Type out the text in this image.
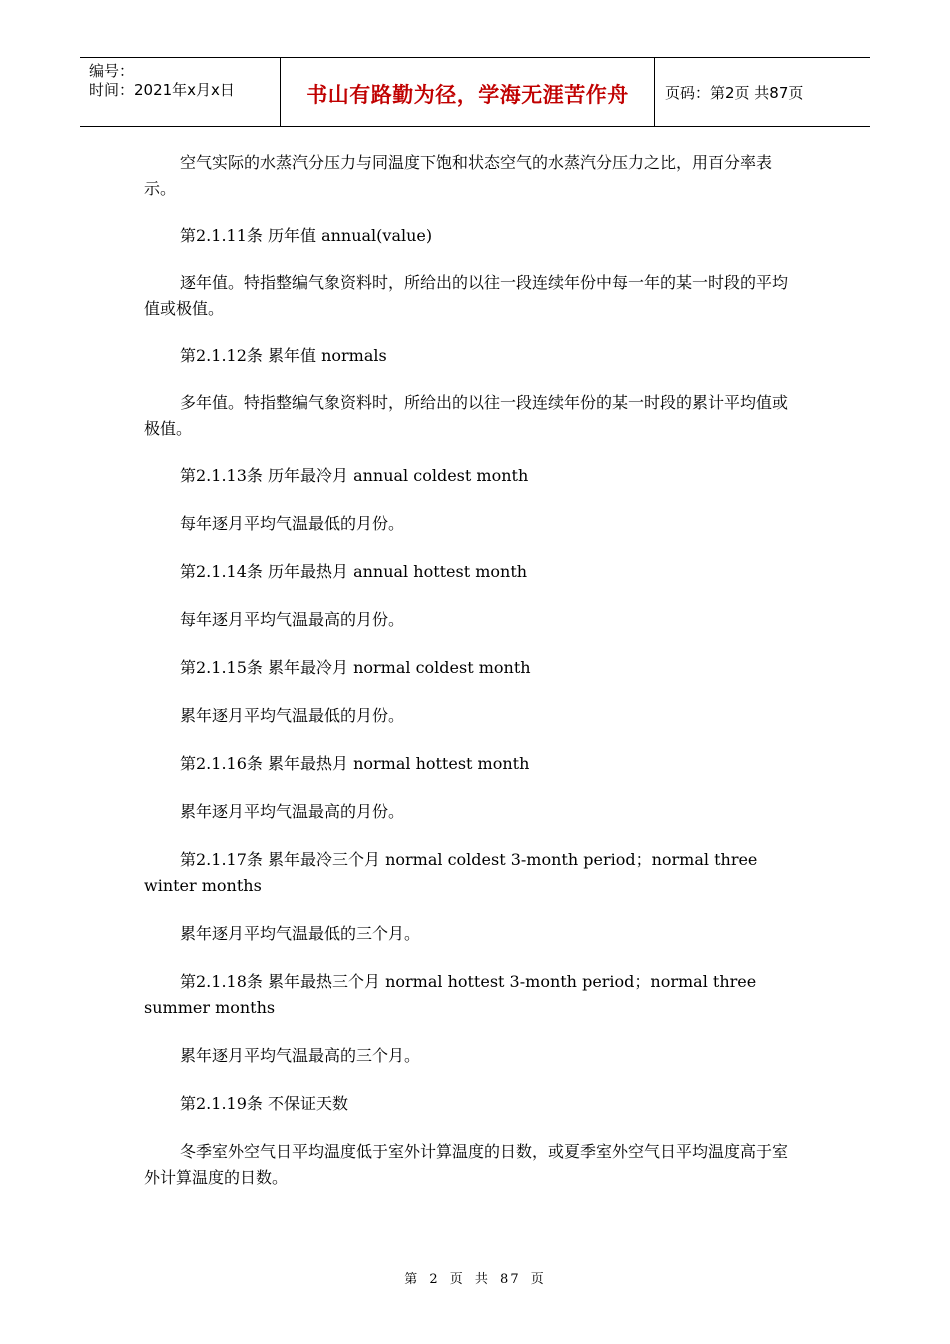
编号：
时间：2021年x月x日	书山有路勤为径，学海无涯苦作舟	页码：第2页 共87页

空气实际的水蒸汽分压力与同温度下饱和状态空气的水蒸汽分压力之比，用百分率表示。

第2.1.11条 历年值 annual(value)

逐年值。特指整编气象资料时，所给出的以往一段连续年份中每一年的某一时段的平均值或极值。

第2.1.12条 累年值 normals

多年值。特指整编气象资料时，所给出的以往一段连续年份的某一时段的累计平均值或极值。

第2.1.13条 历年最冷月 annual coldest month

每年逐月平均气温最低的月份。

第2.1.14条 历年最热月 annual hottest month

每年逐月平均气温最高的月份。

第2.1.15条 累年最冷月 normal coldest month

累年逐月平均气温最低的月份。

第2.1.16条 累年最热月 normal hottest month

累年逐月平均气温最高的月份。

第2.1.17条 累年最冷三个月 normal coldest 3-month period；normal three winter months

累年逐月平均气温最低的三个月。

第2.1.18条 累年最热三个月 normal hottest 3-month period；normal three summer months

累年逐月平均气温最高的三个月。

第2.1.19条 不保证天数

冬季室外空气日平均温度低于室外计算温度的日数，或夏季室外空气日平均温度高于室外计算温度的日数。

第 2 页 共 87 页
